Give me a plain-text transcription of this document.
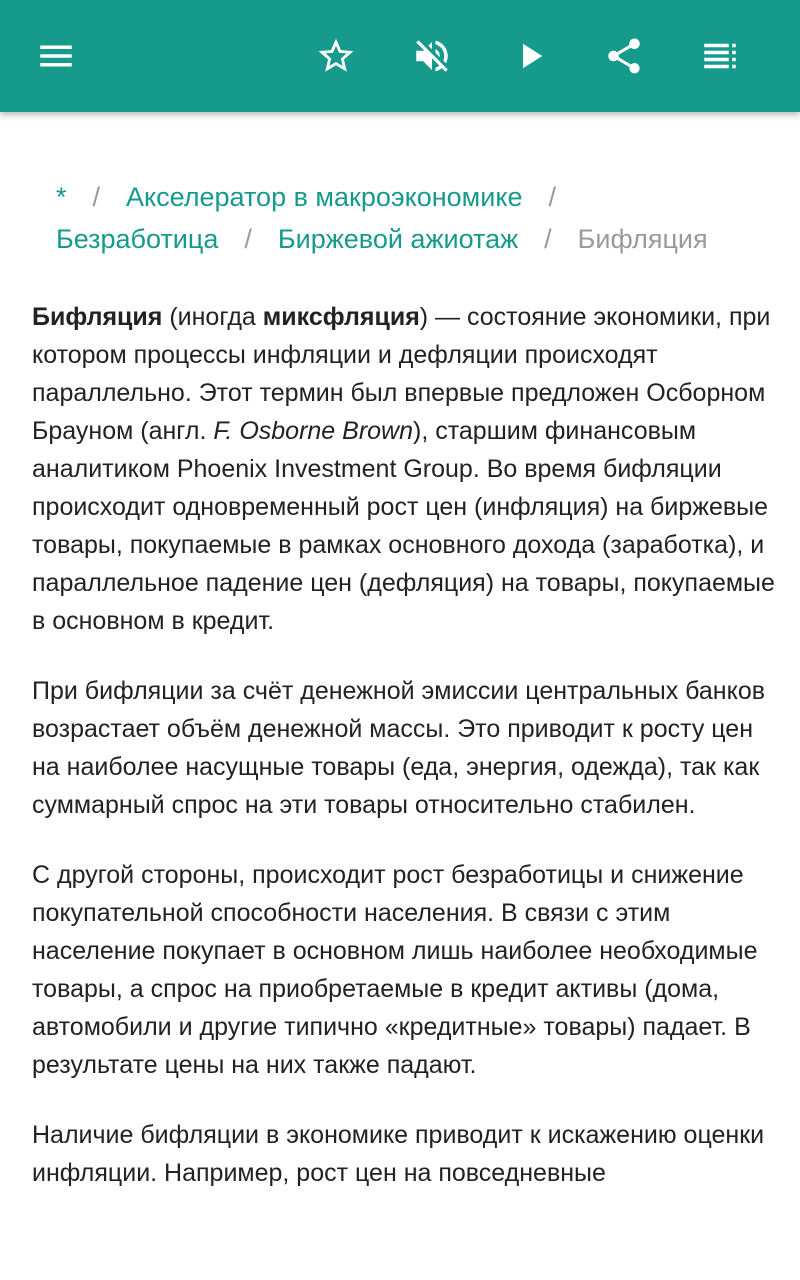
* / Акселератор в макроэкономике /
Безработица / Биржевой ажиотаж / Бифляция

Бифляция (иногда миксфляция) — состояние экономики, при котором процессы инфляции и дефляции происходят параллельно. Этот термин был впервые предложен Осборном Брауном (англ. F. Osborne Brown), старшим финансовым аналитиком Phoenix Investment Group. Во время бифляции происходит одновременный рост цен (инфляция) на биржевые товары, покупаемые в рамках основного дохода (заработка), и параллельное падение цен (дефляция) на товары, покупаемые в основном в кредит.

При бифляции за счёт денежной эмиссии центральных банков возрастает объём денежной массы. Это приводит к росту цен на наиболее насущные товары (еда, энергия, одежда), так как суммарный спрос на эти товары относительно стабилен.

С другой стороны, происходит рост безработицы и снижение покупательной способности населения. В связи с этим население покупает в основном лишь наиболее необходимые товары, а спрос на приобретаемые в кредит активы (дома, автомобили и другие типично «кредитные» товары) падает. В результате цены на них также падают.

Наличие бифляции в экономике приводит к искажению оценки инфляции. Например, рост цен на повседневные
